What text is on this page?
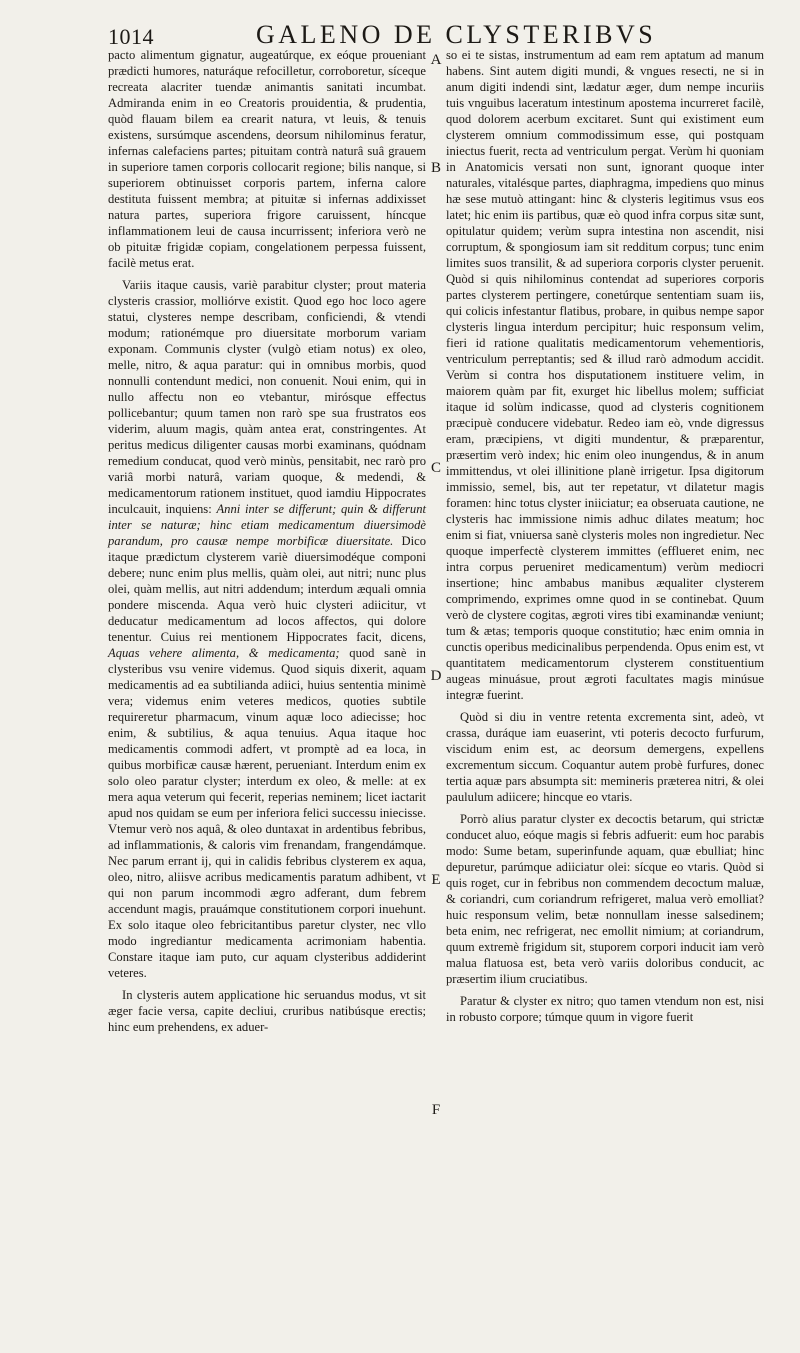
1014	GALENO DE CLYSTERIBVS

pacto alimentum gignatur, augeatúrque, ex eóque proueniant prædicti humores, naturáque refocilletur, corroboretur, síceque recreata alacriter tuendæ animantis sanitati incumbat. Admiranda enim in eo Creatoris prouidentia, & prudentia, quòd flauam bilem ea crearit natura, vt leuis, & tenuis existens, sursúmque ascendens, deorsum nihilominus feratur, infernas calefaciens partes; pituitam contrà naturâ suâ grauem in superiore tamen corporis collocarit regione; bilis nanque, si superiorem obtinuisset corporis partem, inferna calore destituta fuissent membra; at pituitæ si infernas addixisset natura partes, superiora frigore caruissent, híncque inflammationem leui de causa incurrissent; inferiora verò ne ob pituitæ frigidæ copiam, congelationem perpessa fuissent, facilè metus erat.

Variis itaque causis, variè parabitur clyster; prout materia clysteris crassior, molliórve existit. Quod ego hoc loco agere statui, clysteres nempe describam, conficiendi, & vtendi modum; rationémque pro diuersitate morborum variam exponam. Communis clyster (vulgò etiam notus) ex oleo, melle, nitro, & aqua paratur: qui in omnibus morbis, quod nonnulli contendunt medici, non conuenit. Noui enim, qui in nullo affectu non eo vtebantur, mirósque effectus pollicebantur; quum tamen non rarò spe sua frustratos eos viderim, aluum magis, quàm antea erat, constringentes. At peritus medicus diligenter causas morbi examinans, quódnam remedium conducat, quod verò minùs, pensitabit, nec rarò pro variâ morbi naturâ, variam quoque, & medendi, & medicamentorum rationem instituet, quod iamdiu Hippocrates inculcauit, inquiens: Anni inter se differunt; quin & differunt inter se naturæ; hinc etiam medicamentum diuersimodè parandum, pro causæ nempe morbificæ diuersitate. Dico itaque prædictum clysterem variè diuersimodéque componi debere; nunc enim plus mellis, quàm olei, aut nitri; nunc plus olei, quàm mellis, aut nitri addendum; interdum æquali omnia pondere miscenda. Aqua verò huic clysteri adiicitur, vt deducatur medicamentum ad locos affectos, qui dolore tenentur. Cuius rei mentionem Hippocrates facit, dicens, Aquas vehere alimenta, & medicamenta; quod sanè in clysteribus vsu venire videmus. Quod siquis dixerit, aquam medicamentis ad ea subtilianda adiici, huius sententia minimè vera; videmus enim veteres medicos, quoties subtile requireretur pharmacum, vinum aquæ loco adiecisse; hoc enim, & subtilius, & aqua tenuius. Aqua itaque hoc medicamentis commodi adfert, vt promptè ad ea loca, in quibus morbificæ causæ hærent, perueniant. Interdum enim ex solo oleo paratur clyster; interdum ex oleo, & melle: at ex mera aqua veterum qui fecerit, reperias neminem; licet iactarit apud nos quidam se eum per inferiora felici successu iniecisse. Vtemur verò nos aquâ, & oleo duntaxat in ardentibus febribus, ad inflammationis, & caloris vim frenandam, frangendámque. Nec parum errant ij, qui in calidis febribus clysterem ex aqua, oleo, nitro, aliisve acribus medicamentis paratum adhibent, vt qui non parum incommodi ægro adferant, dum febrem accendunt magis, prauámque constitutionem corpori inuehunt. Ex solo itaque oleo febricitantibus paretur clyster, nec vllo modo ingrediantur medicamenta acrimoniam habentia. Constare itaque iam puto, cur aquam clysteribus addiderint veteres.

In clysteris autem applicatione hic seruandus modus, vt sit æger facie versa, capite decliui, cruribus natibúsque erectis; hinc eum prehendens, ex aduer-

A
B
C
D
E
F

so ei te sistas, instrumentum ad eam rem aptatum ad manum habens. Sint autem digiti mundi, & vngues resecti, ne si in anum digiti indendi sint, lædatur æger, dum nempe incuriis tuis vnguibus laceratum intestinum apostema incurreret facilè, quod dolorem acerbum excitaret. Sunt qui existiment eum clysterem omnium commodissimum esse, qui postquam iniectus fuerit, recta ad ventriculum pergat. Verùm hi quoniam in Anatomicis versati non sunt, ignorant quoque inter naturales, vitalésque partes, diaphragma, impediens quo minus hæ sese mutuò attingant: hinc & clysteris legitimus vsus eos latet; hic enim iis partibus, quæ eò quod infra corpus sitæ sunt, opitulatur quidem; verùm supra intestina non ascendit, nisi corruptum, & spongiosum iam sit redditum corpus; tunc enim limites suos transilit, & ad superiora corporis clyster peruenit. Quòd si quis nihilominus contendat ad superiores corporis partes clysterem pertingere, conetúrque sententiam suam iis, qui colicis infestantur flatibus, probare, in quibus nempe sapor clysteris lingua interdum percipitur; huic responsum velim, fieri id ratione qualitatis medicamentorum vehementioris, ventriculum perreptantis; sed & illud rarò admodum accidit. Verùm si contra hos disputationem instituere velim, in maiorem quàm par fit, exurget hic libellus molem; sufficiat itaque id solùm indicasse, quod ad clysteris cognitionem præcipuè conducere videbatur. Redeo iam eò, vnde digressus eram, præcipiens, vt digiti mundentur, & præparentur, præsertim verò index; hic enim oleo inungendus, & in anum immittendus, vt olei illinitione planè irrigetur. Ipsa digitorum immissio, semel, bis, aut ter repetatur, vt dilatetur magis foramen: hinc totus clyster iniiciatur; ea obseruata cautione, ne clysteris hac immissione nimis adhuc dilates meatum; hoc enim si fiat, vniuersa sanè clysteris moles non ingredietur. Nec quoque imperfectè clysterem immittes (efflueret enim, nec intra corpus perueniret medicamentum) verùm mediocri insertione; hinc ambabus manibus æqualiter clysterem comprimendo, exprimes omne quod in se continebat. Quum verò de clystere cogitas, ægroti vires tibi examinandæ veniunt; tum & ætas; temporis quoque constitutio; hæc enim omnia in cunctis operibus medicinalibus perpendenda. Opus enim est, vt quantitatem medicamentorum clysterem constituentium augeas minuásue, prout ægroti facultates magis minúsue integræ fuerint.

Quòd si diu in ventre retenta excrementa sint, adeò, vt crassa, duráque iam euaserint, vti poteris decocto furfurum, viscidum enim est, ac deorsum demergens, expellens excrementum siccum. Coquantur autem probè furfures, donec tertia aquæ pars absumpta sit: memineris præterea nitri, & olei paululum adiicere; hincque eo vtaris.

Porrò alius paratur clyster ex decoctis betarum, qui strictæ conducet aluo, eóque magis si febris adfuerit: eum hoc parabis modo: Sume betam, superinfunde aquam, quæ ebulliat; hinc depuretur, parúmque adiiciatur olei: sícque eo vtaris. Quòd si quis roget, cur in febribus non commendem decoctum maluæ, & coriandri, cum coriandrum refrigeret, malua verò emolliat? huic responsum velim, betæ nonnullam inesse salsedinem; beta enim, nec refrigerat, nec emollit nimium; at coriandrum, quum extremè frigidum sit, stuporem corpori inducit iam verò malua flatuosa est, beta verò variis doloribus conducit, ac præsertim ilium cruciatibus.

Paratur & clyster ex nitro; quo tamen vtendum non est, nisi in robusto corpore; túmque quum in vigore fuerit
